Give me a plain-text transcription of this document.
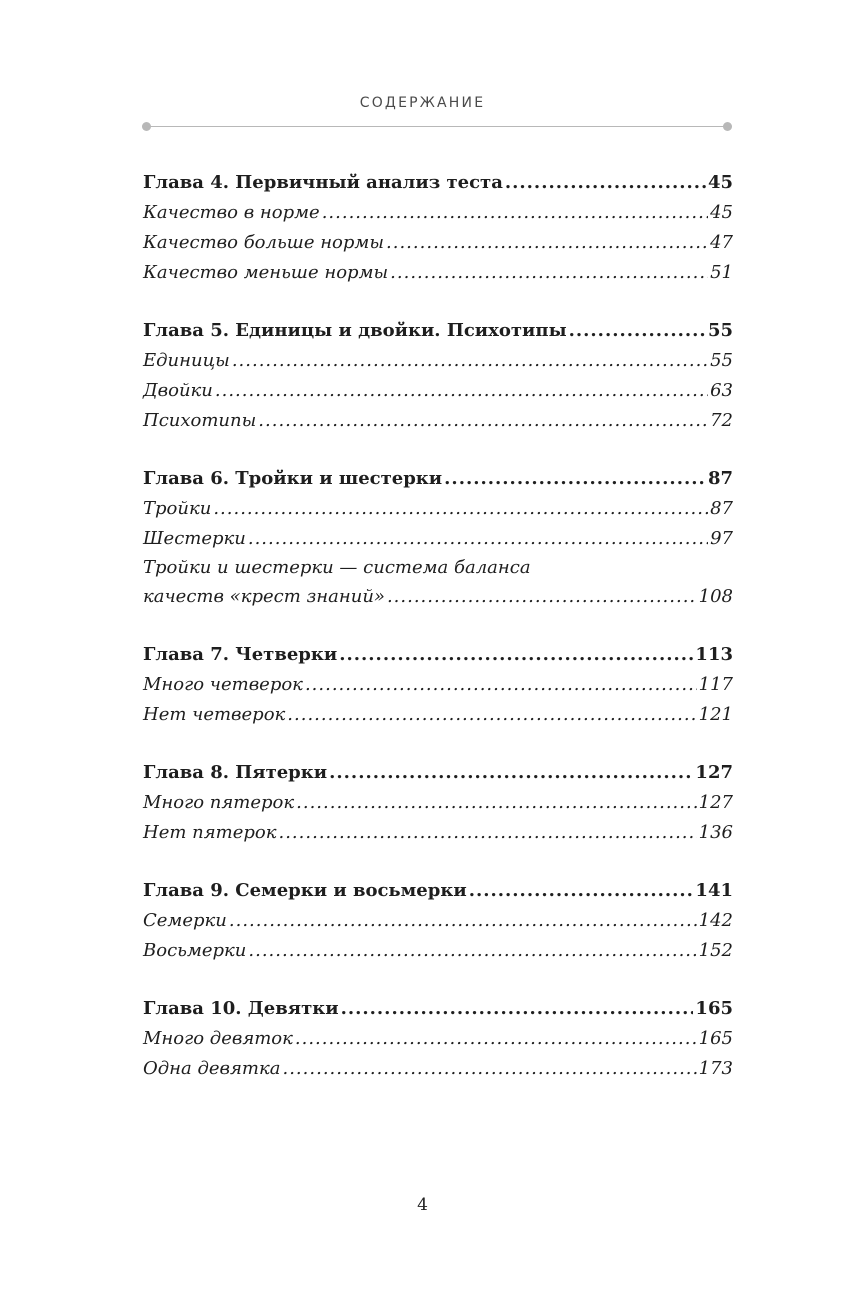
СОДЕРЖАНИЕ
Глава 4. Первичный анализ теста .....	45
Качество в норме .....	45
Качество больше нормы .....	47
Качество меньше нормы .....	51
Глава 5. Единицы и двойки. Психотипы .....	55
Единицы .....	55
Двойки .....	63
Психотипы .....	72
Глава 6. Тройки и шестерки .....	87
Тройки .....	87
Шестерки .....	97
Тройки и шестерки — система баланса
качеств «крест знаний» .....	108
Глава 7. Четверки .....	113
Много четверок .....	117
Нет четверок .....	121
Глава 8. Пятерки .....	127
Много пятерок .....	127
Нет пятерок .....	136
Глава 9. Семерки и восьмерки .....	141
Семерки .....	142
Восьмерки .....	152
Глава 10. Девятки .....	165
Много девяток .....	165
Одна девятка .....	173
4
